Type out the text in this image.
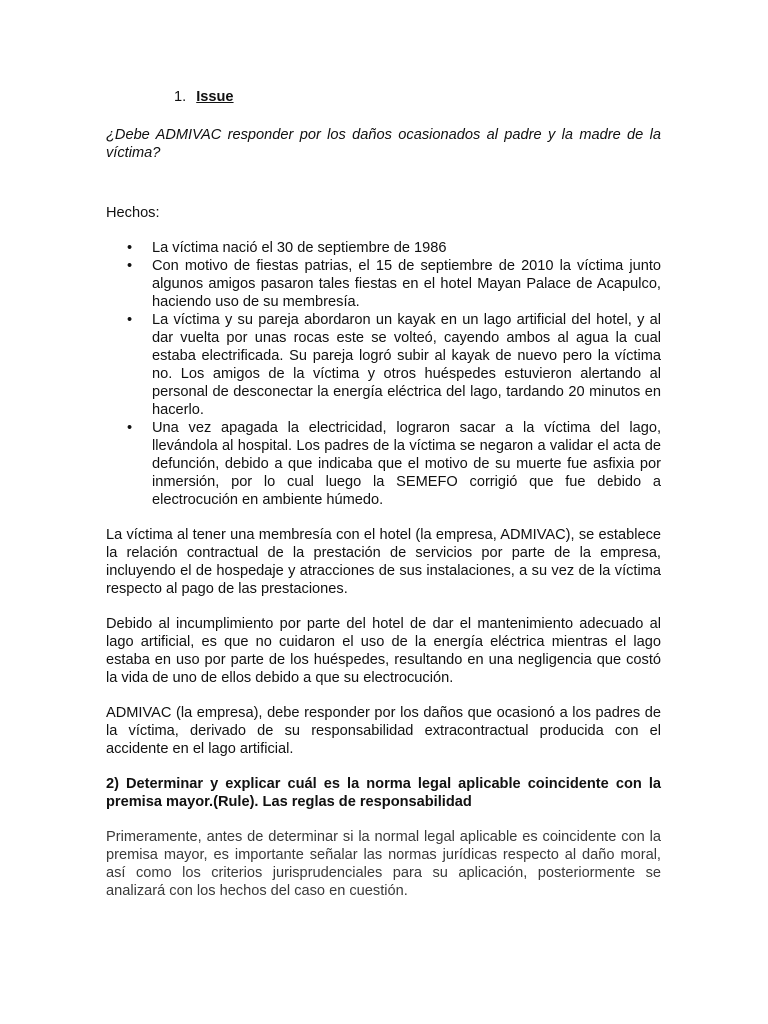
1. Issue

¿Debe ADMIVAC responder por los daños ocasionados al padre y la madre de la víctima?

Hechos:

• La víctima nació el 30 de septiembre de 1986
• Con motivo de fiestas patrias, el 15 de septiembre de 2010 la víctima junto algunos amigos pasaron tales fiestas en el hotel Mayan Palace de Acapulco, haciendo uso de su membresía.
• La víctima y su pareja abordaron un kayak en un lago artificial del hotel, y al dar vuelta por unas rocas este se volteó, cayendo ambos al agua la cual estaba electrificada. Su pareja logró subir al kayak de nuevo pero la víctima no. Los amigos de la víctima y otros huéspedes estuvieron alertando al personal de desconectar la energía eléctrica del lago, tardando 20 minutos en hacerlo.
• Una vez apagada la electricidad, lograron sacar a la víctima del lago, llevándola al hospital. Los padres de la víctima se negaron a validar el acta de defunción, debido a que indicaba que el motivo de su muerte fue asfixia por inmersión, por lo cual luego la SEMEFO corrigió que fue debido a electrocución en ambiente húmedo.

La víctima al tener una membresía con el hotel (la empresa, ADMIVAC), se establece la relación contractual de la prestación de servicios por parte de la empresa, incluyendo el de hospedaje y atracciones de sus instalaciones, a su vez de la víctima respecto al pago de las prestaciones.

Debido al incumplimiento por parte del hotel de dar el mantenimiento adecuado al lago artificial, es que no cuidaron el uso de la energía eléctrica mientras el lago estaba en uso por parte de los huéspedes, resultando en una negligencia que costó la vida de uno de ellos debido a que su electrocución.

ADMIVAC (la empresa), debe responder por los daños que ocasionó a los padres de la víctima, derivado de su responsabilidad extracontractual producida con el accidente en el lago artificial.

2) Determinar y explicar cuál es la norma legal aplicable coincidente con la premisa mayor.(Rule). Las reglas de responsabilidad

Primeramente, antes de determinar si la normal legal aplicable es coincidente con la premisa mayor, es importante señalar las normas jurídicas respecto al daño moral, así como los criterios jurisprudenciales para su aplicación, posteriormente se analizará con los hechos del caso en cuestión.
